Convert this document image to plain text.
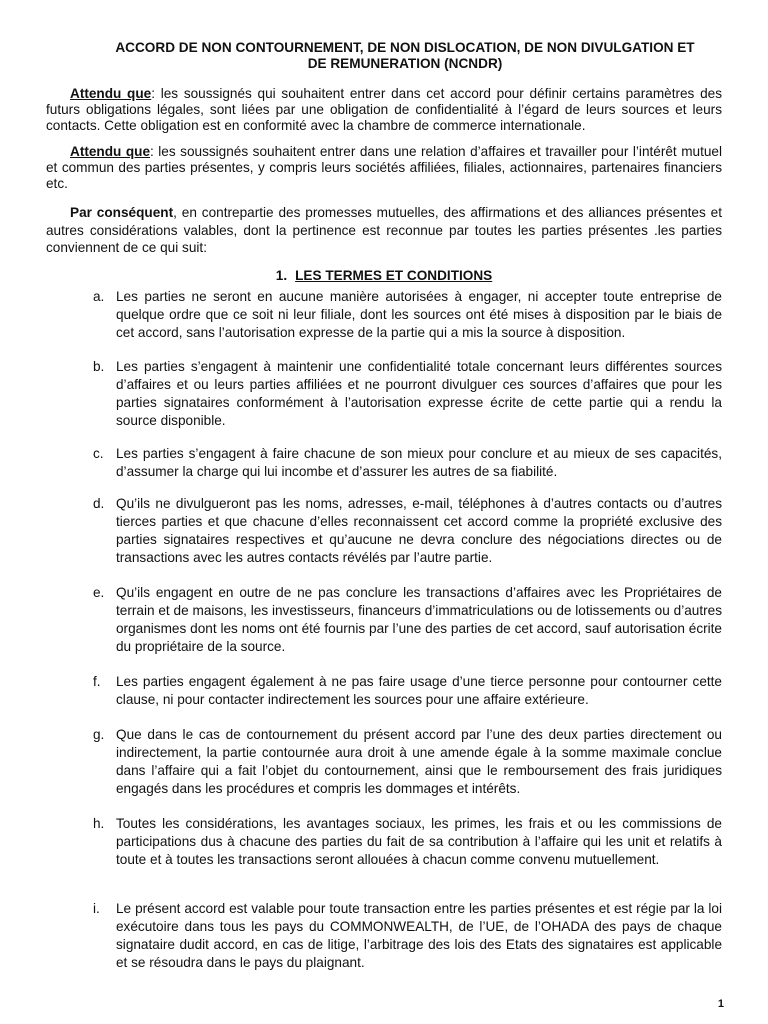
ACCORD DE NON CONTOURNEMENT, DE NON DISLOCATION, DE NON DIVULGATION ET
DE REMUNERATION (NCNDR)
Attendu que: les soussignés qui souhaitent entrer dans cet accord pour définir certains paramètres des futurs obligations légales, sont liées par une obligation de confidentialité à l’égard de leurs sources et leurs contacts. Cette obligation est en conformité avec la chambre de commerce internationale.
Attendu que: les soussignés souhaitent entrer dans une relation d’affaires et travailler pour l’intérêt mutuel et commun des parties présentes, y compris leurs sociétés affiliées, filiales, actionnaires, partenaires financiers etc.
Par conséquent, en contrepartie des promesses mutuelles, des affirmations et des alliances présentes et autres considérations valables, dont la pertinence est reconnue par toutes les parties présentes .les parties conviennent de ce qui suit:
1. LES TERMES ET CONDITIONS
a. Les parties ne seront en aucune manière autorisées à engager, ni accepter toute entreprise de quelque ordre que ce soit ni leur filiale, dont les sources ont été mises à disposition par le biais de cet accord, sans l’autorisation expresse de la partie qui a mis la source à disposition.
b. Les parties s’engagent à maintenir une confidentialité totale concernant leurs différentes sources d’affaires et ou leurs parties affiliées et ne pourront divulguer ces sources d’affaires que pour les parties signataires conformément à l’autorisation expresse écrite de cette partie qui a rendu la source disponible.
c. Les parties s’engagent à faire chacune de son mieux pour conclure et au mieux de ses capacités, d’assumer la charge qui lui incombe et d’assurer les autres de sa fiabilité.
d. Qu’ils ne divulgueront pas les noms, adresses, e-mail, téléphones à d’autres contacts ou d’autres tierces parties et que chacune d’elles reconnaissent cet accord comme la propriété exclusive des parties signataires respectives et qu’aucune ne devra conclure des négociations directes ou de transactions avec les autres contacts révélés par l’autre partie.
e. Qu’ils engagent en outre de ne pas conclure les transactions d’affaires avec les Propriétaires de terrain et de maisons, les investisseurs, financeurs d’immatriculations ou de lotissements ou d’autres organismes dont les noms ont été fournis par l’une des parties de cet accord, sauf autorisation écrite du propriétaire de la source.
f.	Les parties engagent également à ne pas faire usage d’une tierce personne pour contourner cette clause, ni pour contacter indirectement les sources pour une affaire extérieure.
g. Que dans le cas de contournement du présent accord par l’une des deux parties directement ou indirectement, la partie contournée aura droit à une amende égale à la somme maximale conclue dans l’affaire qui a fait l’objet du contournement, ainsi que le remboursement des frais juridiques engagés dans les procédures et compris les dommages et intérêts.
h. Toutes les considérations, les avantages sociaux, les primes, les frais et ou les commissions de participations dus à chacune des parties du fait de sa contribution à l’affaire qui les unit et relatifs à toute et à toutes les transactions seront allouées à chacun comme convenu mutuellement.
i.	Le présent accord est valable pour toute transaction entre les parties présentes et est régie par la loi exécutoire dans tous les pays du COMMONWEALTH, de l’UE, de l’OHADA des pays de chaque signataire dudit accord, en cas de litige, l’arbitrage des lois des Etats des signataires est applicable et se résoudra dans le pays du plaignant.
1
